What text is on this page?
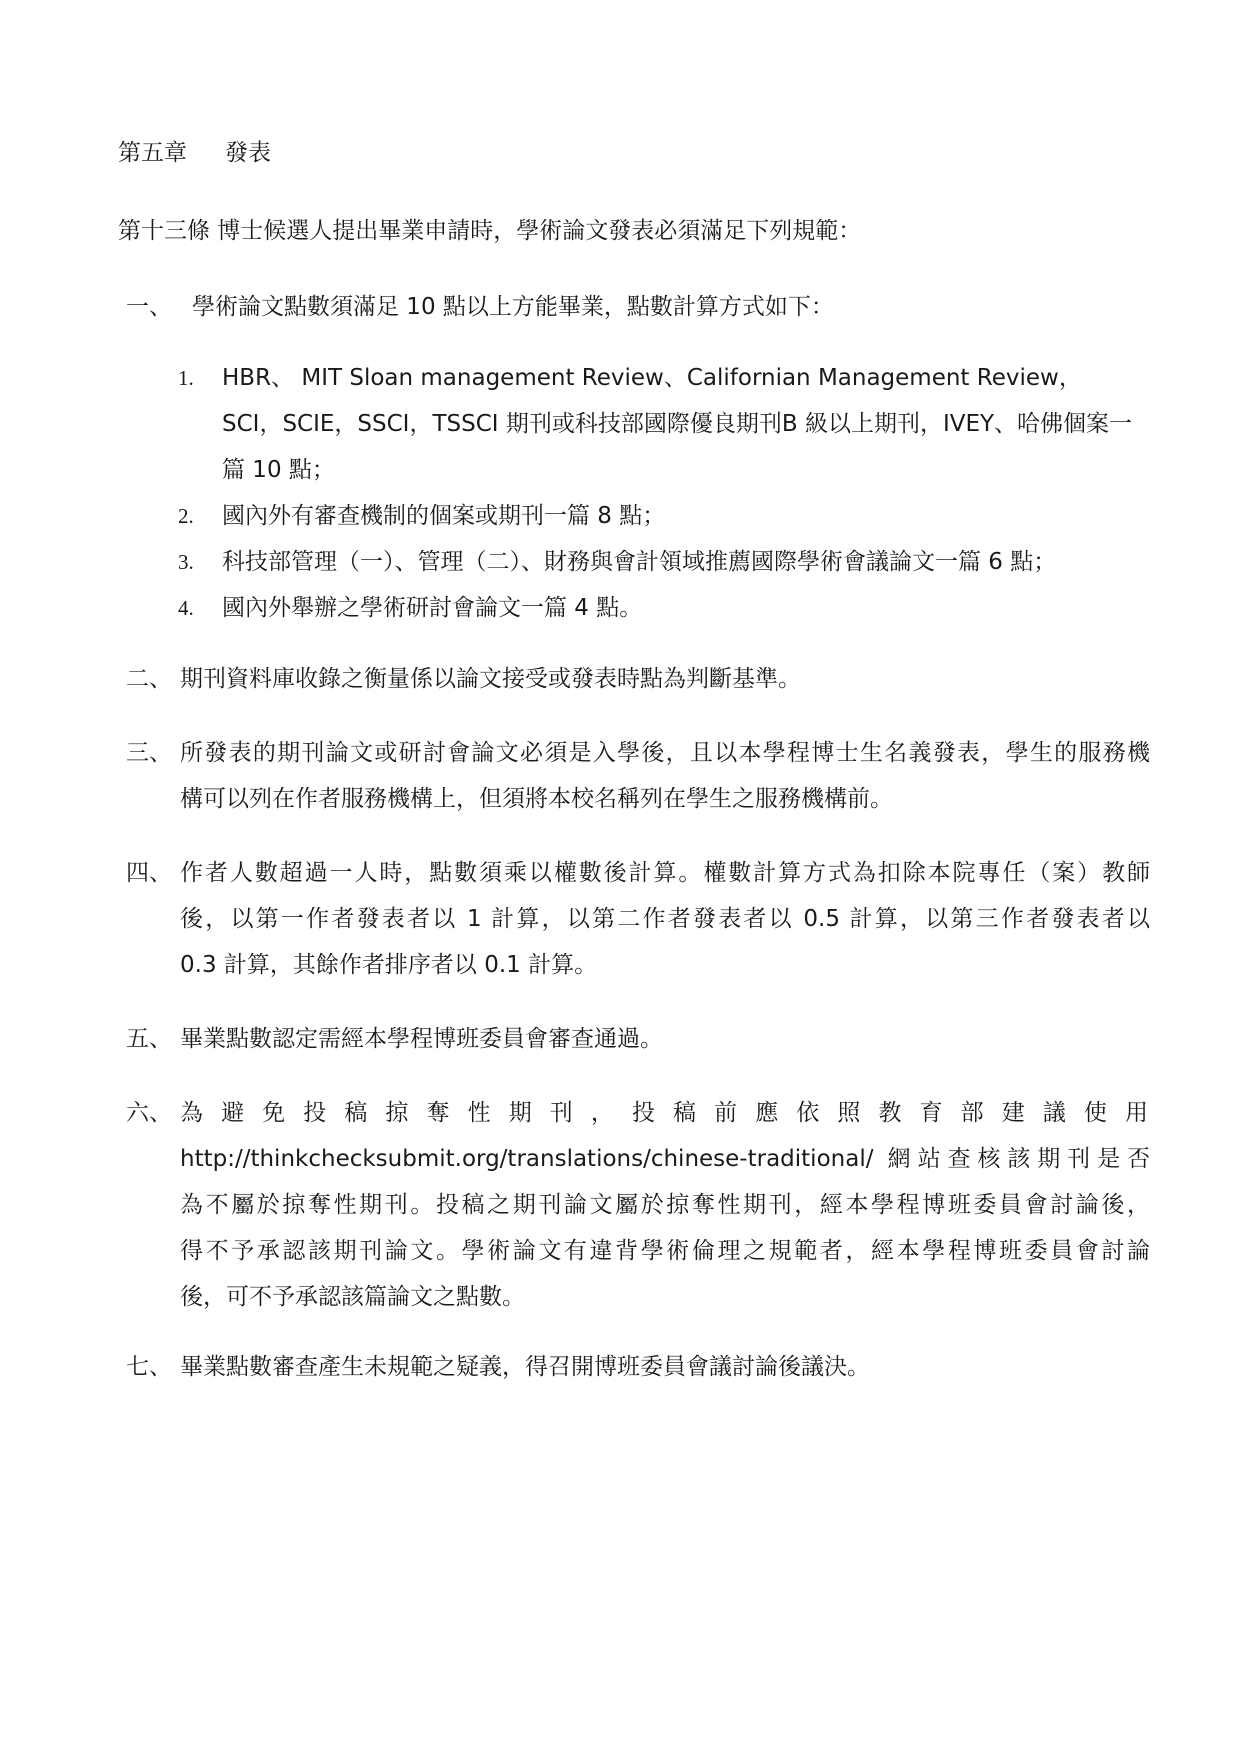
第五章 發表
第十三條 博士候選人提出畢業申請時，學術論文發表必須滿足下列規範：
一、 學術論文點數須滿足 10 點以上方能畢業，點數計算方式如下：
1. HBR、 MIT Sloan management Review、Californian Management Review，
SCI，SCIE，SSCI，TSSCI 期刊或科技部國際優良期刊B 級以上期刊，IVEY、哈佛個案一
篇 10 點；
2. 國內外有審查機制的個案或期刊一篇 8 點；
3. 科技部管理（一）、管理（二）、財務與會計領域推薦國際學術會議論文一篇 6 點；
4. 國內外舉辦之學術研討會論文一篇 4 點。
二、 期刊資料庫收錄之衡量係以論文接受或發表時點為判斷基準。
三、 所發表的期刊論文或研討會論文必須是入學後，且以本學程博士生名義發表，學生的服務機
構可以列在作者服務機構上，但須將本校名稱列在學生之服務機構前。
四、 作者人數超過一人時，點數須乘以權數後計算。權數計算方式為扣除本院專任（案）教師
後，以第一作者發表者以 1 計算，以第二作者發表者以 0.5 計算，以第三作者發表者以
0.3 計算，其餘作者排序者以 0.1 計算。
五、 畢業點數認定需經本學程博班委員會審查通過。
六、 為避免投稿掠奪性期刊，投稿前應依照教育部建議使用
http://thinkchecksubmit.org/translations/chinese-traditional/ 網站查核該期刊是否
為不屬於掠奪性期刊。投稿之期刊論文屬於掠奪性期刊，經本學程博班委員會討論後，
得不予承認該期刊論文。學術論文有違背學術倫理之規範者，經本學程博班委員會討論
後，可不予承認該篇論文之點數。
七、 畢業點數審查產生未規範之疑義，得召開博班委員會議討論後議決。
